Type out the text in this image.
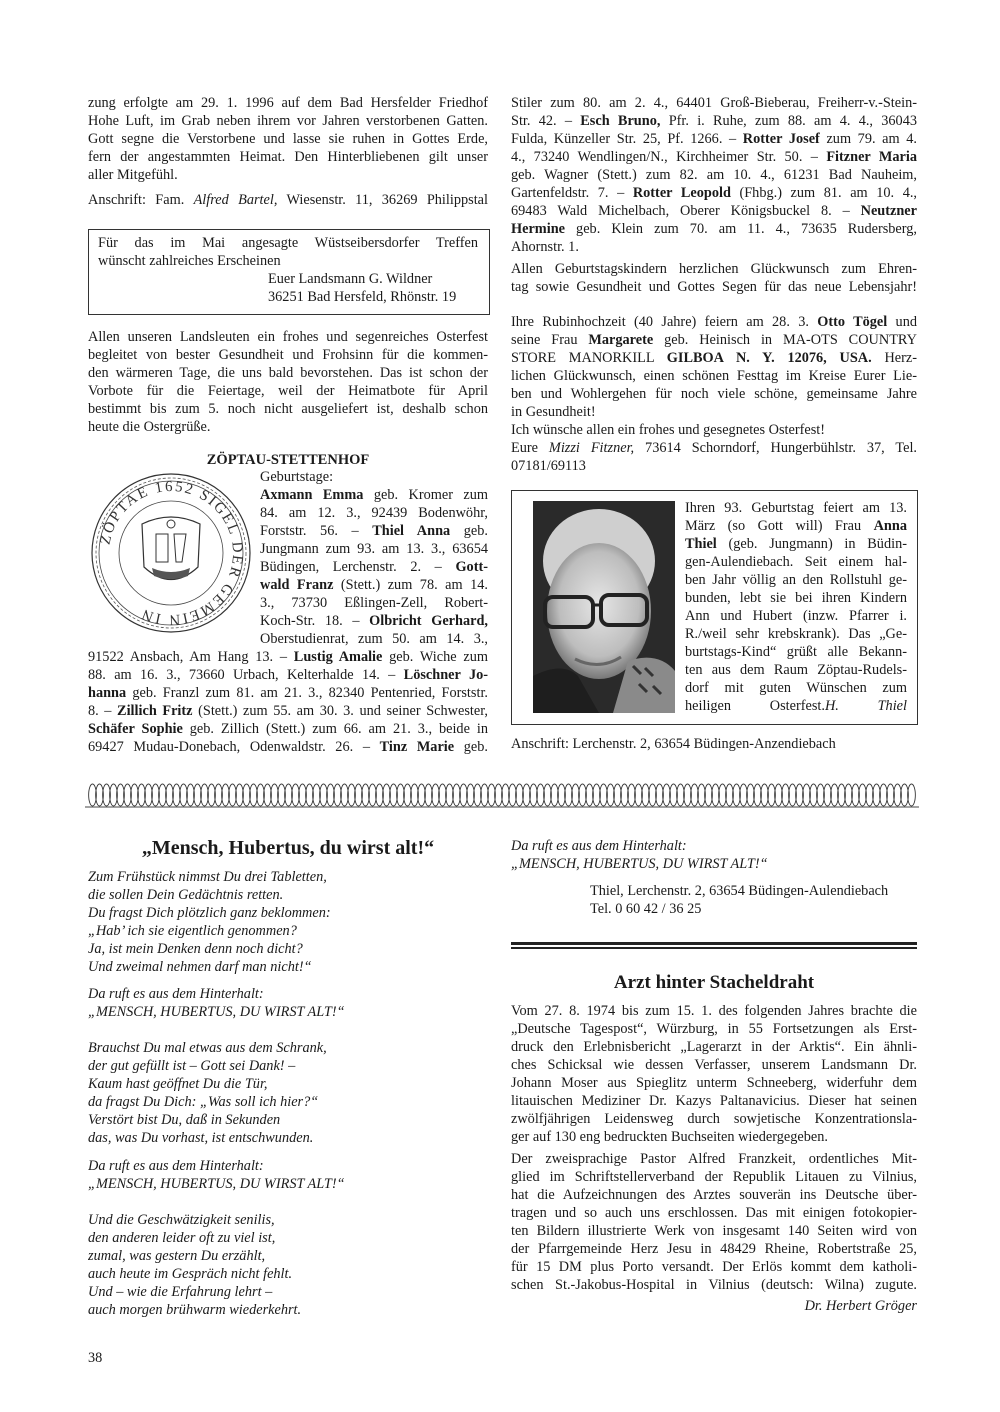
zung erfolgte am 29. 1. 1996 auf dem Bad Hersfelder Friedhof
Hohe Luft, im Grab neben ihrem vor Jahren verstorbenen Gatten.
Gott segne die Verstorbene und lasse sie ruhen in Gottes Erde,
fern der angestammten Heimat. Den Hinterbliebenen gilt unser
aller Mitgefühl.
Anschrift: Fam. Alfred Bartel, Wiesenstr. 11, 36269 Philippstal
Für das im Mai angesagte Wüstseibersdorfer Treffen
wünscht zahlreiches Erscheinen
Euer Landsmann G. Wildner
36251 Bad Hersfeld, Rhönstr. 19
Allen unseren Landsleuten ein frohes und segenreiches Osterfest
begleitet von bester Gesundheit und Frohsinn für die kommen-
den wärmeren Tage, die uns bald bevorstehen. Das ist schon der
Vorbote für die Feiertage, weil der Heimatbote für April
bestimmt bis zum 5. noch nicht ausgeliefert ist, deshalb schon
heute die Ostergrüße.
ZÖPTAU-STETTENHOF
ZÖPTAE 1652 SIGEL DER GEMEIN IN
Geburtstage:
Axmann Emma geb. Kromer zum
84. am 12. 3., 92439 Bodenwöhr,
Forststr. 56. – Thiel Anna geb.
Jungmann zum 93. am 13. 3., 63654
Büdingen, Lerchenstr. 2. – Gott-
wald Franz (Stett.) zum 78. am 14.
3., 73730 Eßlingen-Zell, Robert-
Koch-Str. 18. – Olbricht Gerhard,
Oberstudienrat, zum 50. am 14. 3.,
91522 Ansbach, Am Hang 13. – Lustig Amalie geb. Wiche zum
88. am 16. 3., 73660 Urbach, Kelterhalde 14. – Löschner Jo-
hanna geb. Franzl zum 81. am 21. 3., 82340 Pentenried, Forststr.
8. – Zillich Fritz (Stett.) zum 55. am 30. 3. und seiner Schwester,
Schäfer Sophie geb. Zillich (Stett.) zum 66. am 21. 3., beide in
69427 Mudau-Donebach, Odenwaldstr. 26. – Tinz Marie geb.
Stiler zum 80. am 2. 4., 64401 Groß-Bieberau, Freiherr-v.-Stein-
Str. 42. – Esch Bruno, Pfr. i. Ruhe, zum 88. am 4. 4., 36043
Fulda, Künzeller Str. 25, Pf. 1266. – Rotter Josef zum 79. am 4.
4., 73240 Wendlingen/N., Kirchheimer Str. 50. – Fitzner Maria
geb. Wagner (Stett.) zum 82. am 10. 4., 61231 Bad Nauheim,
Gartenfeldstr. 7. – Rotter Leopold (Fhbg.) zum 81. am 10. 4.,
69483 Wald Michelbach, Oberer Königsbuckel 8. – Neutzner
Hermine geb. Klein zum 70. am 11. 4., 73635 Rudersberg,
Ahornstr. 1.
Allen Geburtstagskindern herzlichen Glückwunsch zum Ehren-
tag sowie Gesundheit und Gottes Segen für das neue Lebensjahr!
Ihre Rubinhochzeit (40 Jahre) feiern am 28. 3. Otto Tögel und
seine Frau Margarete geb. Heinisch in MA-OTS COUNTRY
STORE MANORKILL GILBOA N. Y. 12076, USA. Herz-
lichen Glückwunsch, einen schönen Festtag im Kreise Eurer Lie-
ben und Wohlergehen für noch viele schöne, gemeinsame Jahre
in Gesundheit!
Ich wünsche allen ein frohes und gesegnetes Osterfest!
Eure Mizzi Fitzner, 73614 Schorndorf, Hungerbühlstr. 37, Tel.
07181/69113
Ihren 93. Geburtstag feiert am 13.
März (so Gott will) Frau Anna
Thiel (geb. Jungmann) in Büdin-
gen-Aulendiebach. Seit einem hal-
ben Jahr völlig an den Rollstuhl ge-
bunden, lebt sie bei ihren Kindern
Ann und Hubert (inzw. Pfarrer i.
R./weil sehr krebskrank). Das „Ge-
burtstags-Kind“ grüßt alle Bekann-
ten aus dem Raum Zöptau-Rudels-
dorf mit guten Wünschen zum
heiligen Osterfest.H. Thiel
Anschrift: Lerchenstr. 2, 63654 Büdingen-Anzendiebach
„Mensch, Hubertus, du wirst alt!“
Zum Frühstück nimmst Du drei Tabletten,
die sollen Dein Gedächtnis retten.
Du fragst Dich plötzlich ganz beklommen:
„Hab’ ich sie eigentlich genommen?
Ja, ist mein Denken denn noch dicht?
Und zweimal nehmen darf man nicht!“
Da ruft es aus dem Hinterhalt:
„MENSCH, HUBERTUS, DU WIRST ALT!“
Brauchst Du mal etwas aus dem Schrank,
der gut gefüllt ist – Gott sei Dank! –
Kaum hast geöffnet Du die Tür,
da fragst Du Dich: „Was soll ich hier?“
Verstört bist Du, daß in Sekunden
das, was Du vorhast, ist entschwunden.
Da ruft es aus dem Hinterhalt:
„MENSCH, HUBERTUS, DU WIRST ALT!“
Und die Geschwätzigkeit senilis,
den anderen leider oft zu viel ist,
zumal, was gestern Du erzählt,
auch heute im Gespräch nicht fehlt.
Und – wie die Erfahrung lehrt –
auch morgen brühwarm wiederkehrt.
Da ruft es aus dem Hinterhalt:
„MENSCH, HUBERTUS, DU WIRST ALT!“
Thiel, Lerchenstr. 2, 63654 Büdingen-Aulendiebach
Tel. 0 60 42 / 36 25
Arzt hinter Stacheldraht
Vom 27. 8. 1974 bis zum 15. 1. des folgenden Jahres brachte die
„Deutsche Tagespost“, Würzburg, in 55 Fortsetzungen als Erst-
druck den Erlebnisbericht „Lagerarzt in der Arktis“. Ein ähnli-
ches Schicksal wie dessen Verfasser, unserem Landsmann Dr.
Johann Moser aus Spieglitz unterm Schneeberg, widerfuhr dem
litauischen Mediziner Dr. Kazys Paltanavicius. Dieser hat seinen
zwölfjährigen Leidensweg durch sowjetische Konzentrationsla-
ger auf 130 eng bedruckten Buchseiten wiedergegeben.
Der zweisprachige Pastor Alfred Franzkeit, ordentliches Mit-
glied im Schriftstellerverband der Republik Litauen zu Vilnius,
hat die Aufzeichnungen des Arztes souverän ins Deutsche über-
tragen und so auch uns erschlossen. Das mit einigen fotokopier-
ten Bildern illustrierte Werk von insgesamt 140 Seiten wird von
der Pfarrgemeinde Herz Jesu in 48429 Rheine, Robertstraße 25,
für 15 DM plus Porto versandt. Der Erlös kommt dem katholi-
schen St.-Jakobus-Hospital in Vilnius (deutsch: Wilna) zugute.
Dr. Herbert Gröger
38
